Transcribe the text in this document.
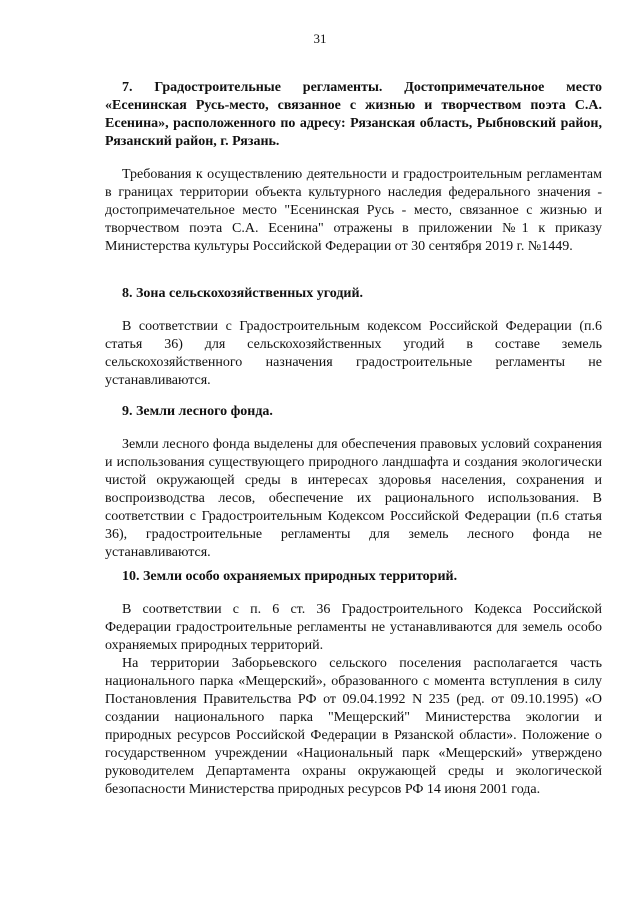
31

7. Градостроительные регламенты. Достопримечательное место «Есенинская Русь-место, связанное с жизнью и творчеством поэта С.А. Есенина», расположенного по адресу: Рязанская область, Рыбновский район, Рязанский район, г. Рязань.

Требования к осуществлению деятельности и градостроительным регламентам в границах территории объекта культурного наследия федерального значения - достопримечательное место "Есенинская Русь - место, связанное с жизнью и творчеством поэта С.А. Есенина" отражены в приложении №1 к приказу Министерства культуры Российской Федерации от 30 сентября 2019 г. №1449.

8. Зона сельскохозяйственных угодий.

В соответствии с Градостроительным кодексом Российской Федерации (п.6 статья 36) для сельскохозяйственных угодий в составе земель сельскохозяйственного назначения градостроительные регламенты не устанавливаются.

9. Земли лесного фонда.

Земли лесного фонда выделены для обеспечения правовых условий сохранения и использования существующего природного ландшафта и создания экологически чистой окружающей среды в интересах здоровья населения, сохранения и воспроизводства лесов, обеспечение их рационального использования. В соответствии с Градостроительным Кодексом Российской Федерации (п.6 статья 36), градостроительные регламенты для земель лесного фонда не устанавливаются.

10. Земли особо охраняемых природных территорий.

В соответствии с п. 6 ст. 36 Градостроительного Кодекса Российской Федерации градостроительные регламенты не устанавливаются для земель особо охраняемых природных территорий.

На территории Заборьевского сельского поселения располагается часть национального парка «Мещерский», образованного с момента вступления в силу Постановления Правительства РФ от 09.04.1992 N 235 (ред. от 09.10.1995) «О создании национального парка "Мещерский" Министерства экологии и природных ресурсов Российской Федерации в Рязанской области». Положение о государственном учреждении «Национальный парк «Мещерский» утверждено руководителем Департамента охраны окружающей среды и экологической безопасности Министерства природных ресурсов РФ 14 июня 2001 года.
